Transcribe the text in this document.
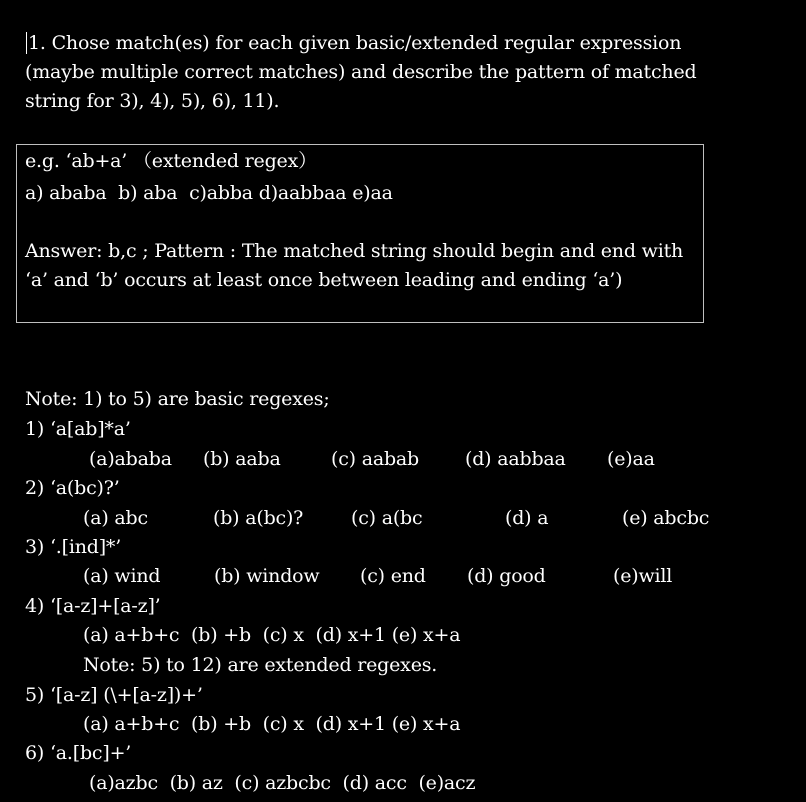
1. Chose match(es) for each given basic/extended regular expression
(maybe multiple correct matches) and describe the pattern of matched
string for 3), 4), 5), 6), 11).
e.g. ‘ab+a’ （extended regex）
a) ababa  b) aba  c)abba d)aabbaa e)aa
Answer: b,c ; Pattern : The matched string should begin and end with
‘a’ and ‘b’ occurs at least once between leading and ending ‘a’)
Note: 1) to 5) are basic regexes;
1) ‘a[ab]*a’
(a)ababa (b) aaba	(c) aabab (d) aabbaa (e)aa
2) ‘a(bc)?’
(a) abc	(b) a(bc)?	(c) a(bc	(d) a	(e) abcbc
3) ‘.[ind]*’
(a) wind	(b) window (c) end (d) good	(e)will
4) ‘[a-z]+[a-z]’
(a) a+b+c  (b) +b  (c) x  (d) x+1 (e) x+a
Note: 5) to 12) are extended regexes.
5) ‘[a-z] (\+[a-z])+’
(a) a+b+c  (b) +b  (c) x  (d) x+1 (e) x+a
6) ‘a.[bc]+’
(a)azbc  (b) az  (c) azbcbc  (d) acc  (e)acz
